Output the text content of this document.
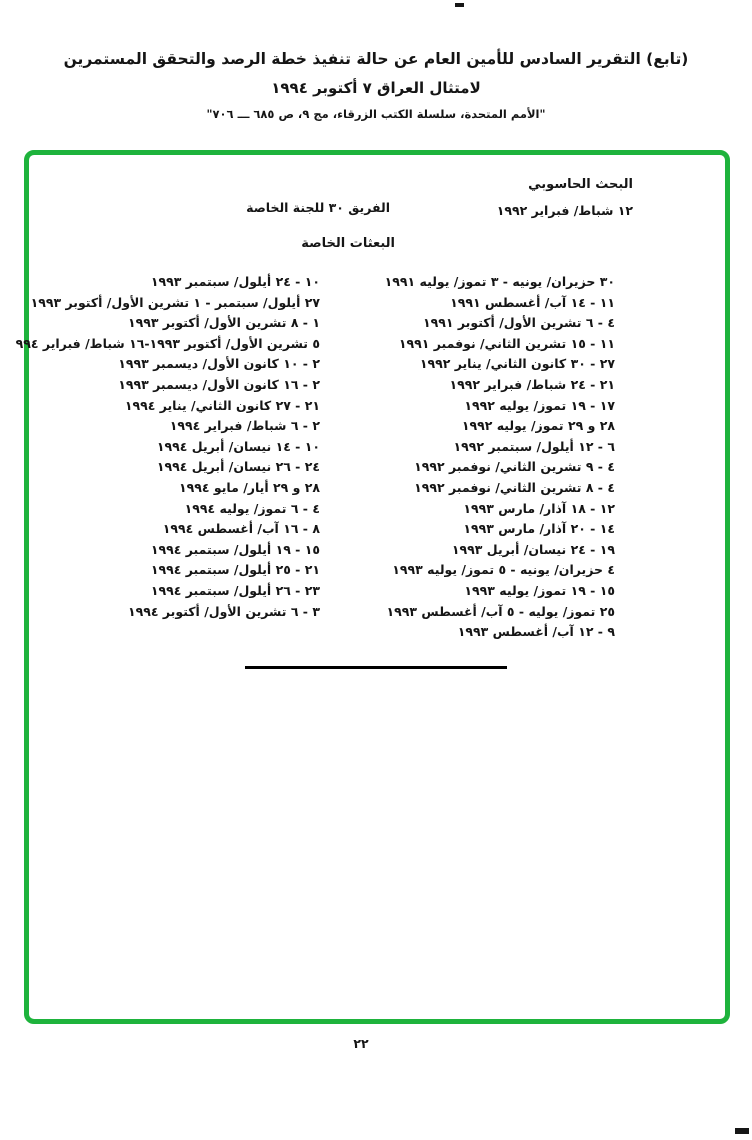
(تابع) التقرير السادس للأمين العام عن حالة تنفيذ خطة الرصد والتحقق المستمرين
لامتثال العراق ٧ أكتوبر ١٩٩٤
"الأمم المتحدة، سلسلة الكتب الزرقاء، مج ٩، ص ٦٨٥ ـــ ٧٠٦"
البحث الحاسوبي
١٢ شباط/ فبراير ١٩٩٢
الفريق ٣٠ للجنة الخاصة
البعثات الخاصة
٣٠ حزيران/ يونيه - ٣ تموز/ يوليه ١٩٩١
١١ - ١٤ آب/ أغسطس ١٩٩١
٤ - ٦ تشرين الأول/ أكتوبر ١٩٩١
١١ - ١٥ تشرين الثاني/ نوفمبر ١٩٩١
٢٧ - ٣٠ كانون الثاني/ يناير ١٩٩٢
٢١ - ٢٤ شباط/ فبراير ١٩٩٢
١٧ - ١٩ تموز/ يوليه ١٩٩٢
٢٨ و ٢٩ تموز/ يوليه ١٩٩٢
٦ - ١٢ أيلول/ سبتمبر ١٩٩٢
٤ - ٩ تشرين الثاني/ نوفمبر ١٩٩٢
٤ - ٨ تشرين الثاني/ نوفمبر ١٩٩٢
١٢ - ١٨ آذار/ مارس ١٩٩٣
١٤ - ٢٠ آذار/ مارس ١٩٩٣
١٩ - ٢٤ نيسان/ أبريل ١٩٩٣
٤ حزيران/ يونيه - ٥ تموز/ يوليه ١٩٩٣
١٥ - ١٩ تموز/ يوليه ١٩٩٣
٢٥ تموز/ يوليه - ٥ آب/ أغسطس ١٩٩٣
٩ - ١٢ آب/ أغسطس ١٩٩٣
١٠ - ٢٤ أيلول/ سبتمبر ١٩٩٣
٢٧ أيلول/ سبتمبر - ١ تشرين الأول/ أكتوبر ١٩٩٣
١ - ٨ تشرين الأول/ أكتوبر ١٩٩٣
٥ تشرين الأول/ أكتوبر ١٩٩٣-١٦ شباط/ فبراير ٩٩٤
٢ - ١٠ كانون الأول/ ديسمبر ١٩٩٣
٢ - ١٦ كانون الأول/ ديسمبر ١٩٩٣
٢١ - ٢٧ كانون الثاني/ يناير ١٩٩٤
٢ - ٦ شباط/ فبراير ١٩٩٤
١٠ - ١٤ نيسان/ أبريل ١٩٩٤
٢٤ - ٢٦ نيسان/ أبريل ١٩٩٤
٢٨ و ٢٩ أيار/ مايو ١٩٩٤
٤ - ٦ تموز/ يوليه ١٩٩٤
٨ - ١٦ آب/ أغسطس ١٩٩٤
١٥ - ١٩ أيلول/ سبتمبر ١٩٩٤
٢١ - ٢٥ أيلول/ سبتمبر ١٩٩٤
٢٣ - ٢٦ أيلول/ سبتمبر ١٩٩٤
٣ - ٦ تشرين الأول/ أكتوبر ١٩٩٤
٢٢
